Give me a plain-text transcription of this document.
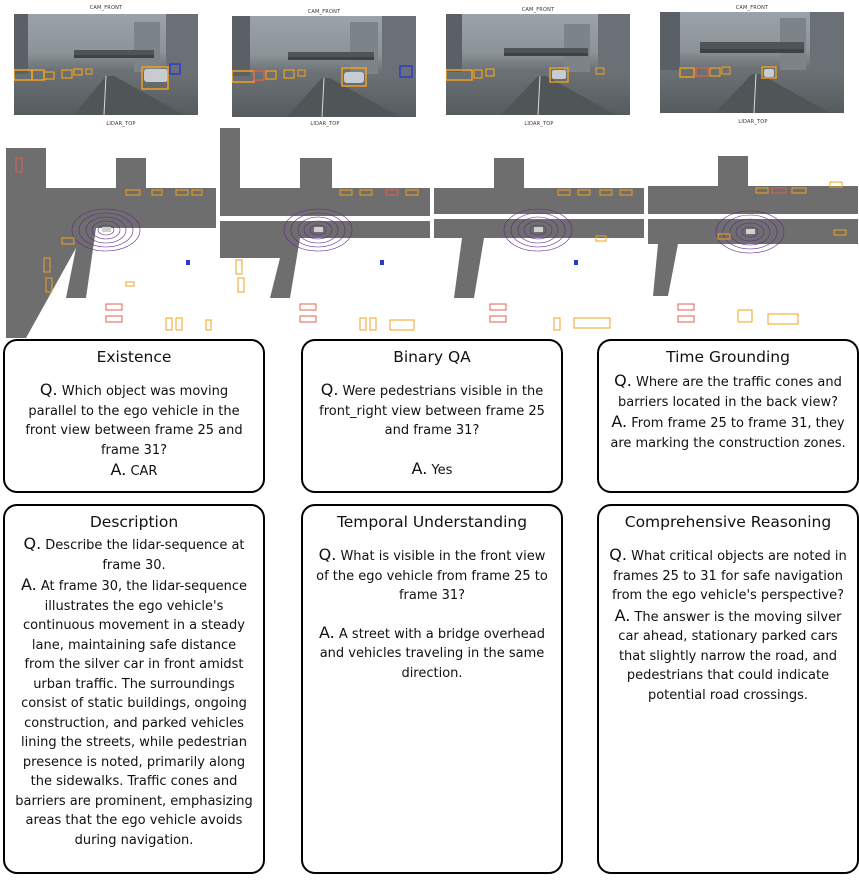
CAM_FRONT
CAM_FRONT	CAM_FRONT	CAM_FRONT
LIDAR_TOP	LIDAR_TOP	LIDAR_TOP	LIDAR_TOP
Existence
Q. Which object was moving parallel to the ego vehicle in the front view between frame 25 and frame 31?
A. CAR
Binary QA
Q. Were pedestrians visible in the front_right view between frame 25 and frame 31?
A. Yes
Time Grounding
Q. Where are the traffic cones and barriers located in the back view?
A. From frame 25 to frame 31, they are marking the construction zones.
Description
Q. Describe the lidar-sequence at frame 30.
A. At frame 30, the lidar-sequence illustrates the ego vehicle's continuous movement in a steady lane, maintaining safe distance from the silver car in front amidst urban traffic. The surroundings consist of static buildings, ongoing construction, and parked vehicles lining the streets, while pedestrian presence is noted, primarily along the sidewalks. Traffic cones and barriers are prominent, emphasizing areas that the ego vehicle avoids during navigation.
Temporal Understanding
Q. What is visible in the front view of the ego vehicle from frame 25 to frame 31?
A. A street with a bridge overhead and vehicles traveling in the same direction.
Comprehensive Reasoning
Q. What critical objects are noted in frames 25 to 31 for safe navigation from the ego vehicle's perspective?
A. The answer is the moving silver car ahead, stationary parked cars that slightly narrow the road, and pedestrians that could indicate potential road crossings.
